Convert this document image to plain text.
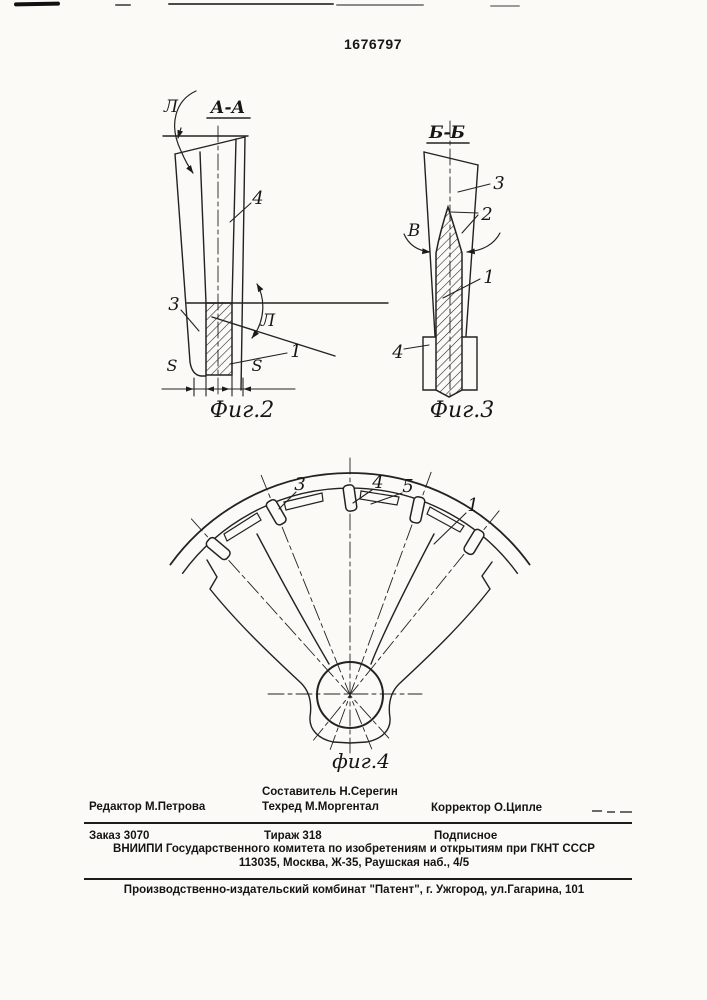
1676797
Л А-А
4
3
Л
1
S	S
Фиг.2
Б-Б
3
2
В
1
4
Фиг.3
3	4 5
1
фиг.4
Составитель Н.Серегин
Редактор М.Петрова	Техред М.Моргентал	Корректор О.Ципле
Заказ 3070	Тираж 318	Подписное
ВНИИПИ Государственного комитета по изобретениям и открытиям при ГКНТ СССР
113035, Москва, Ж-35, Раушская наб., 4/5
Производственно-издательский комбинат "Патент", г. Ужгород, ул.Гагарина, 101
